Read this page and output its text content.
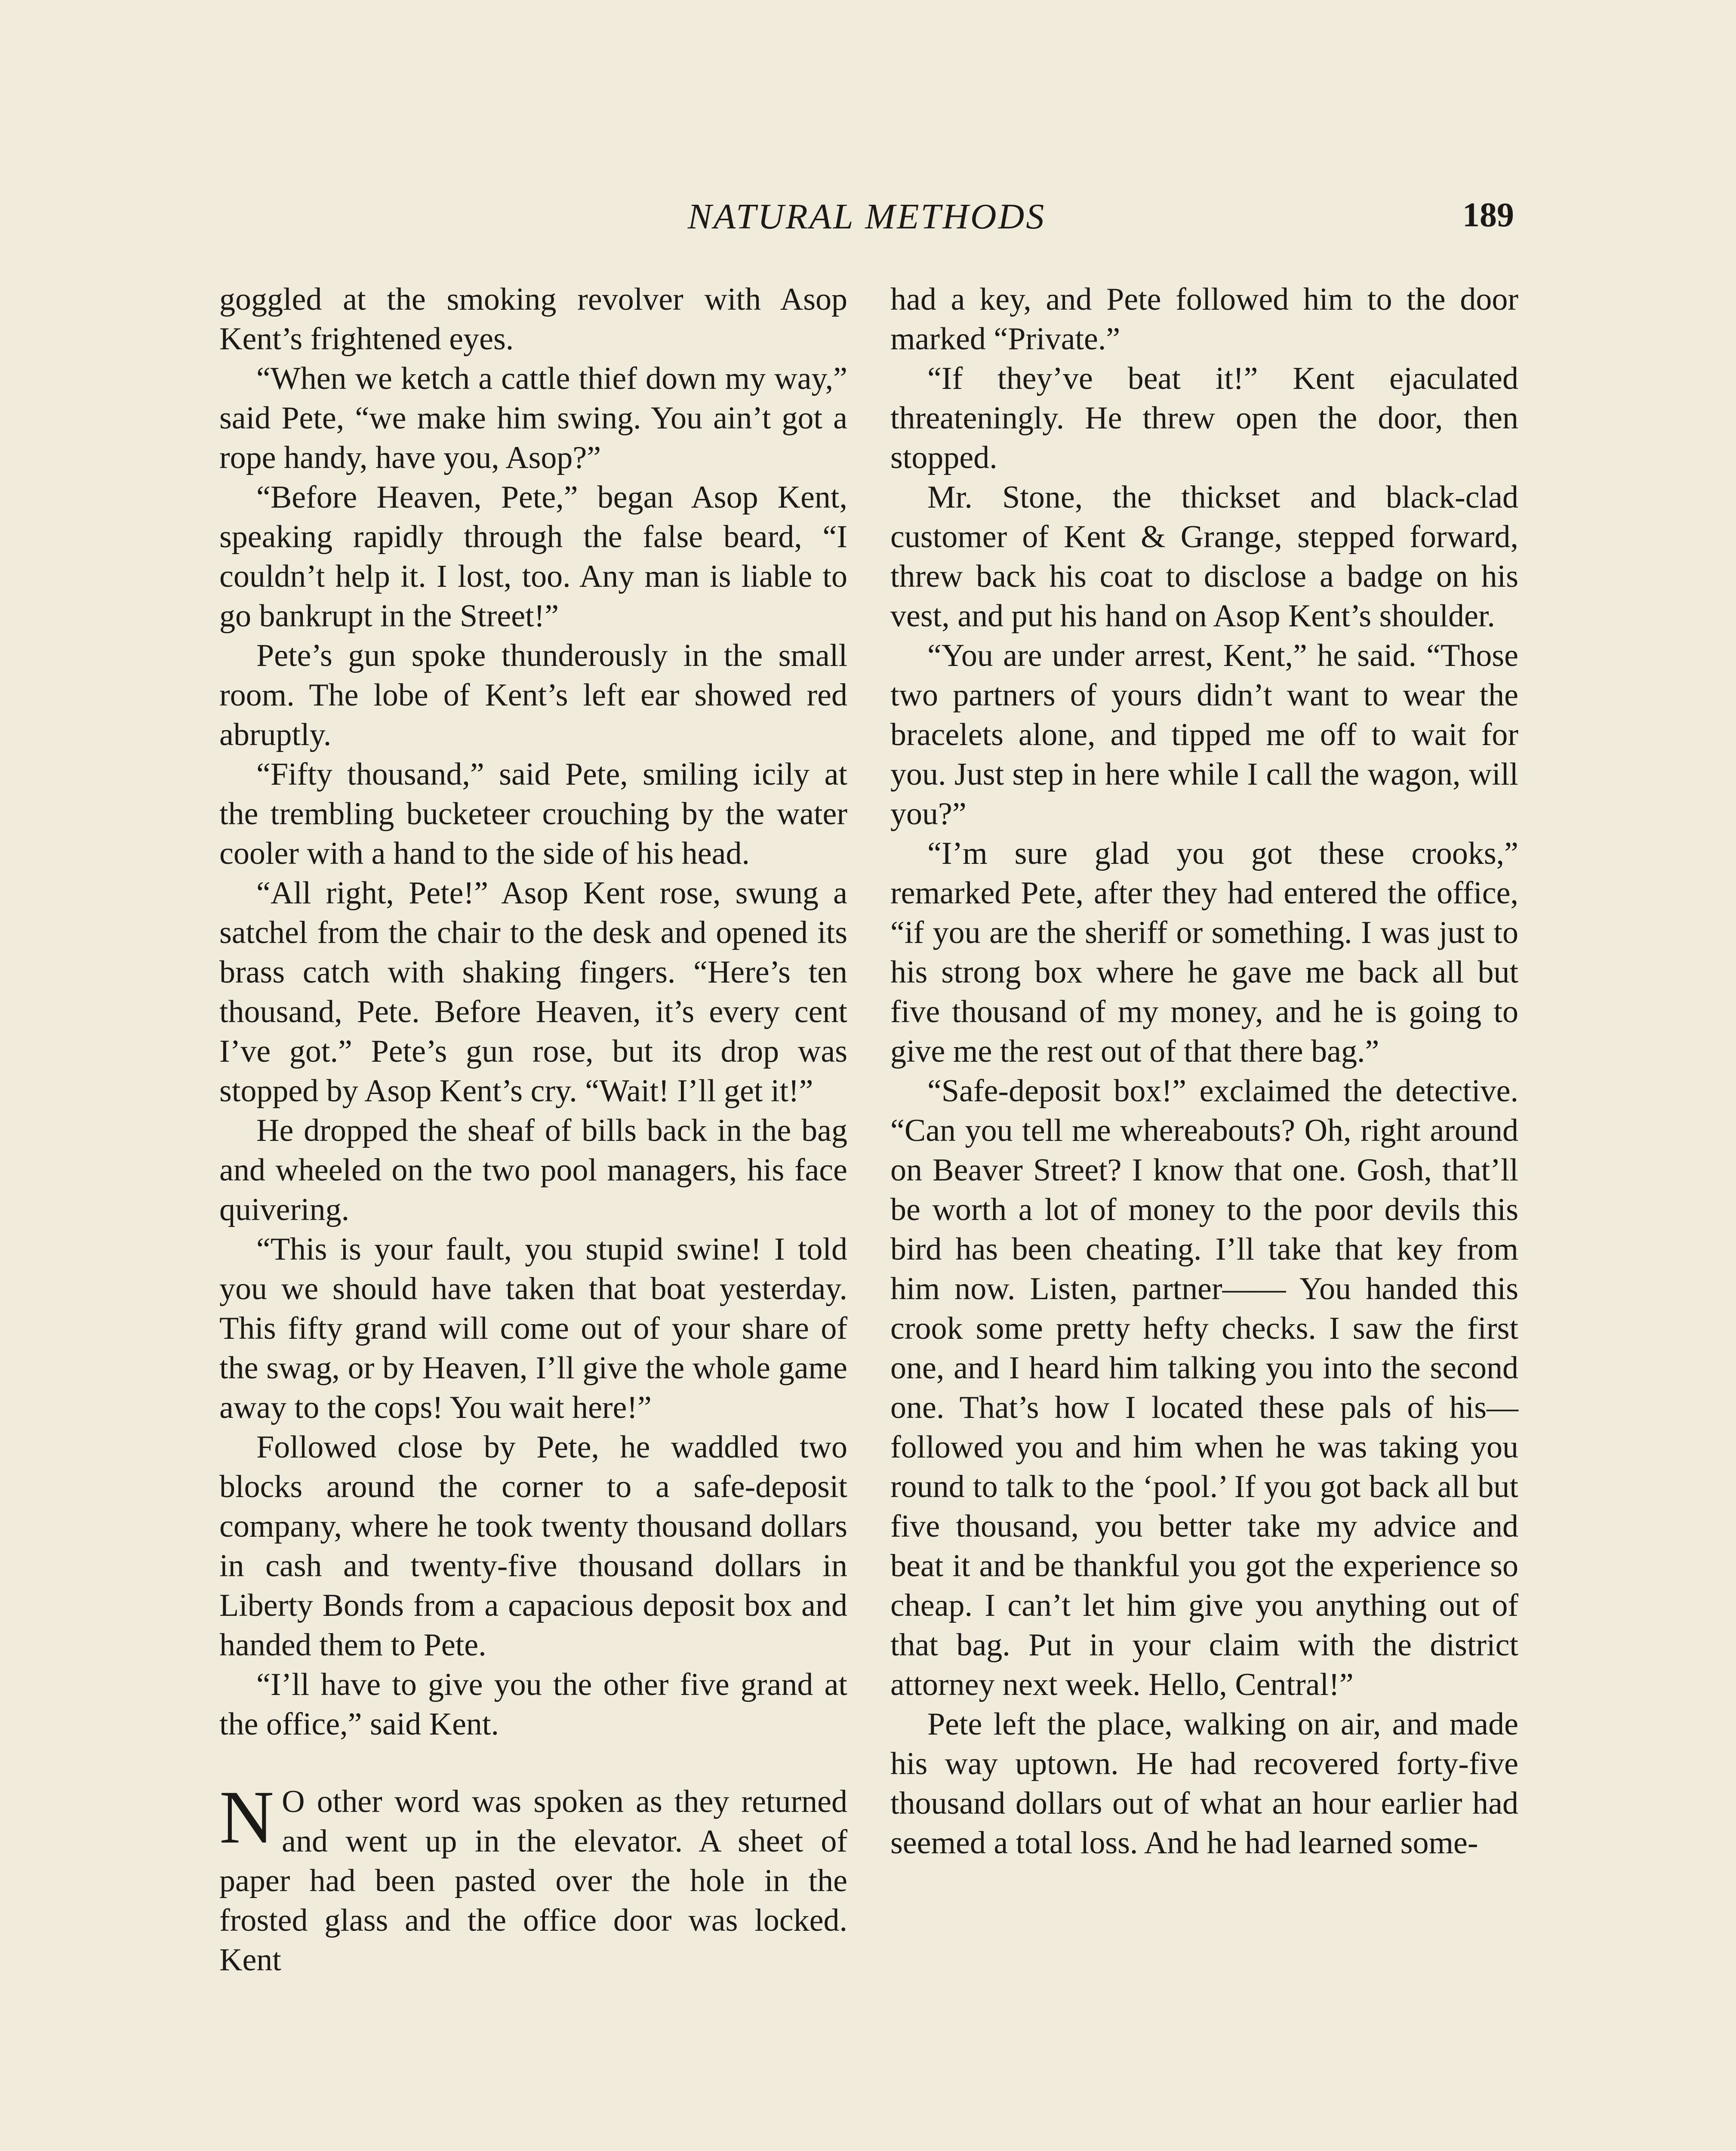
NATURAL METHODS	189

goggled at the smoking revolver with Asop Kent’s frightened eyes.

“When we ketch a cattle thief down my way,” said Pete, “we make him swing. You ain’t got a rope handy, have you, Asop?”

“Before Heaven, Pete,” began Asop Kent, speaking rapidly through the false beard, “I couldn’t help it. I lost, too. Any man is liable to go bankrupt in the Street!”

Pete’s gun spoke thunderously in the small room. The lobe of Kent’s left ear showed red abruptly.

“Fifty thousand,” said Pete, smiling icily at the trembling bucketeer crouching by the water cooler with a hand to the side of his head.

“All right, Pete!” Asop Kent rose, swung a satchel from the chair to the desk and opened its brass catch with shaking fingers. “Here’s ten thousand, Pete. Before Heaven, it’s every cent I’ve got.” Pete’s gun rose, but its drop was stopped by Asop Kent’s cry. “Wait! I’ll get it!”

He dropped the sheaf of bills back in the bag and wheeled on the two pool managers, his face quivering.

“This is your fault, you stupid swine! I told you we should have taken that boat yesterday. This fifty grand will come out of your share of the swag, or by Heaven, I’ll give the whole game away to the cops! You wait here!”

Followed close by Pete, he waddled two blocks around the corner to a safe-deposit company, where he took twenty thousand dollars in cash and twenty-five thousand dollars in Liberty Bonds from a capacious deposit box and handed them to Pete.

“I’ll have to give you the other five grand at the office,” said Kent.

N O other word was spoken as they returned and went up in the elevator. A sheet of paper had been pasted over the hole in the frosted glass and the office door was locked. Kent

had a key, and Pete followed him to the door marked “Private.”

“If they’ve beat it!” Kent ejaculated threateningly. He threw open the door, then stopped.

Mr. Stone, the thickset and black-clad customer of Kent & Grange, stepped forward, threw back his coat to disclose a badge on his vest, and put his hand on Asop Kent’s shoulder.

“You are under arrest, Kent,” he said. “Those two partners of yours didn’t want to wear the bracelets alone, and tipped me off to wait for you. Just step in here while I call the wagon, will you?”

“I’m sure glad you got these crooks,” remarked Pete, after they had entered the office, “if you are the sheriff or something. I was just to his strong box where he gave me back all but five thousand of my money, and he is going to give me the rest out of that there bag.”

“Safe-deposit box!” exclaimed the detective. “Can you tell me whereabouts? Oh, right around on Beaver Street? I know that one. Gosh, that’ll be worth a lot of money to the poor devils this bird has been cheating. I’ll take that key from him now. Listen, partner—— You handed this crook some pretty hefty checks. I saw the first one, and I heard him talking you into the second one. That’s how I located these pals of his—followed you and him when he was taking you round to talk to the ‘pool.’ If you got back all but five thousand, you better take my advice and beat it and be thankful you got the experience so cheap. I can’t let him give you anything out of that bag. Put in your claim with the district attorney next week. Hello, Central!”

Pete left the place, walking on air, and made his way uptown. He had recovered forty-five thousand dollars out of what an hour earlier had seemed a total loss. And he had learned some-
